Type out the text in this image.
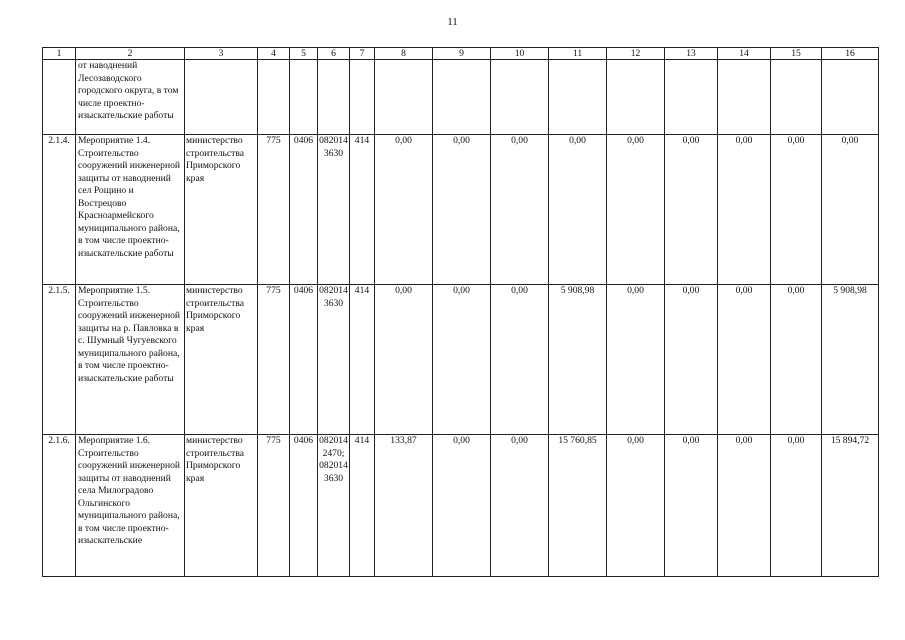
11
1	2	3	4	5	6	7	8	9	10	11	12	13	14	15	16
	от наводнений Лесозаводского городского округа, в том числе проектно-изыскательские работы														
2.1.4.	Мероприятие 1.4. Строительство сооружений инженерной защиты от наводнений сел Рощино и Вострецово Красноармейского муниципального района, в том числе проектно-изыскательские работы	министерство строительства Приморского края	775	0406	082014 3630	414	0,00	0,00	0,00	0,00	0,00	0,00	0,00	0,00	0,00
2.1.5.	Мероприятие 1.5. Строительство сооружений инженерной защиты на р. Павловка в с. Шумный Чугуевского муниципального района, в том числе проектно-изыскательские работы	министерство строительства Приморского края	775	0406	082014 3630	414	0,00	0,00	0,00	5 908,98	0,00	0,00	0,00	0,00	5 908,98
2.1.6.	Мероприятие 1.6. Строительство сооружений инженерной защиты от наводнений села Милоградово Ольгинского муниципального района, в том числе проектно-изыскательские	министерство строительства Приморского края	775	0406	082014 2470; 082014 3630	414	133,87	0,00	0,00	15 760,85	0,00	0,00	0,00	0,00	15 894,72
